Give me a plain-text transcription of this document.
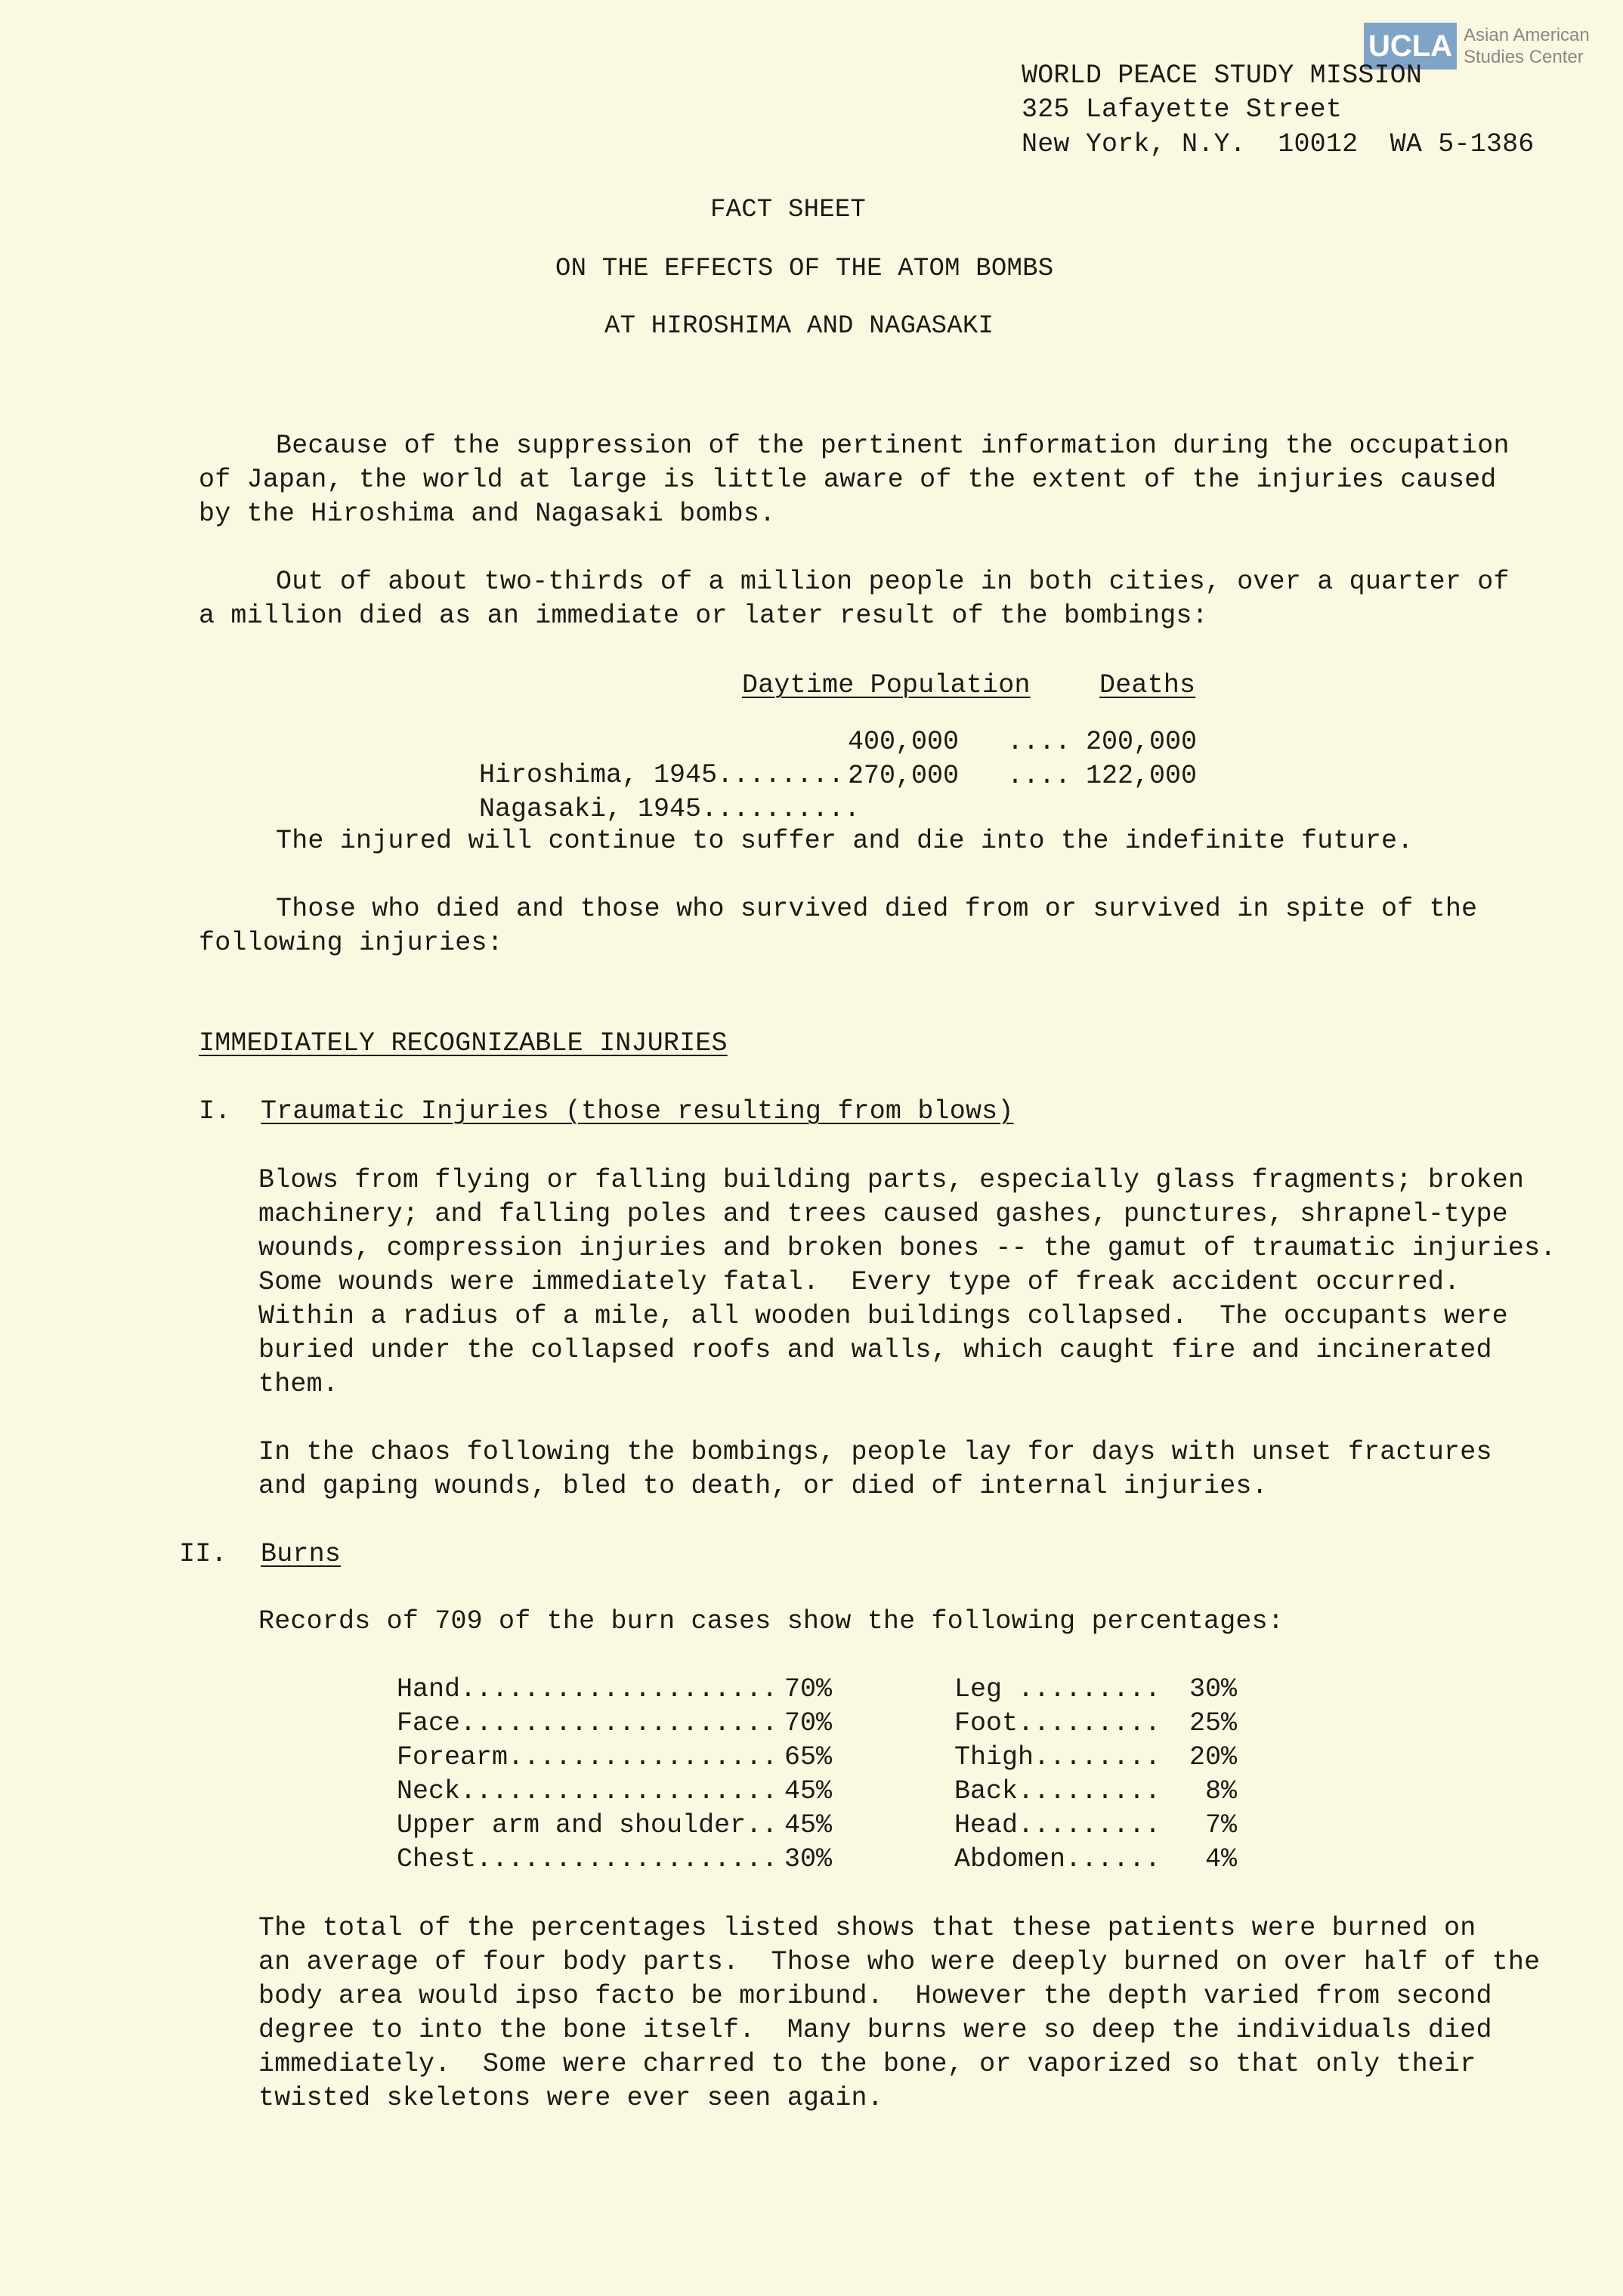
UCLA Asian American
Studies Center
WORLD PEACE STUDY MISSION
325 Lafayette Street
New York, N.Y.  10012  WA 5-1386
FACT SHEET
ON THE EFFECTS OF THE ATOM BOMBS
AT HIROSHIMA AND NAGASAKI
Because of the suppression of the pertinent information during the occupation
of Japan, the world at large is little aware of the extent of the injuries caused
by the Hiroshima and Nagasaki bombs.
Out of about two-thirds of a million people in both cities, over a quarter of
a million died as an immediate or later result of the bombings:
Daytime Population	Deaths

Hiroshima, 1945.........

400,000 .... 200,000

Nagasaki, 1945..........

270,000 .... 122,000
The injured will continue to suffer and die into the indefinite future.
Those who died and those who survived died from or survived in spite of the
following injuries:
IMMEDIATELY RECOGNIZABLE INJURIES
I. Traumatic Injuries (those resulting from blows)
Blows from flying or falling building parts, especially glass fragments; broken
machinery; and falling poles and trees caused gashes, punctures, shrapnel-type
wounds, compression injuries and broken bones -- the gamut of traumatic injuries.
Some wounds were immediately fatal.  Every type of freak accident occurred.
Within a radius of a mile, all wooden buildings collapsed.  The occupants were
buried under the collapsed roofs and walls, which caught fire and incinerated
them.
In the chaos following the bombings, people lay for days with unset fractures
and gaping wounds, bled to death, or died of internal injuries.
II. Burns
Records of 709 of the burn cases show the following percentages:
Hand....................
70%
Face....................
70%
Forearm.................
65%
Neck....................
45%
Upper arm and shoulder..
45%
Chest...................
30%
Leg ......... 30%
Foot......... 25%
Thigh........ 20%
Back......... 8%
Head......... 7%
Abdomen...... 4%
The total of the percentages listed shows that these patients were burned on
an average of four body parts.  Those who were deeply burned on over half of the
body area would ipso facto be moribund.  However the depth varied from second
degree to into the bone itself.  Many burns were so deep the individuals died
immediately.  Some were charred to the bone, or vaporized so that only their
twisted skeletons were ever seen again.
